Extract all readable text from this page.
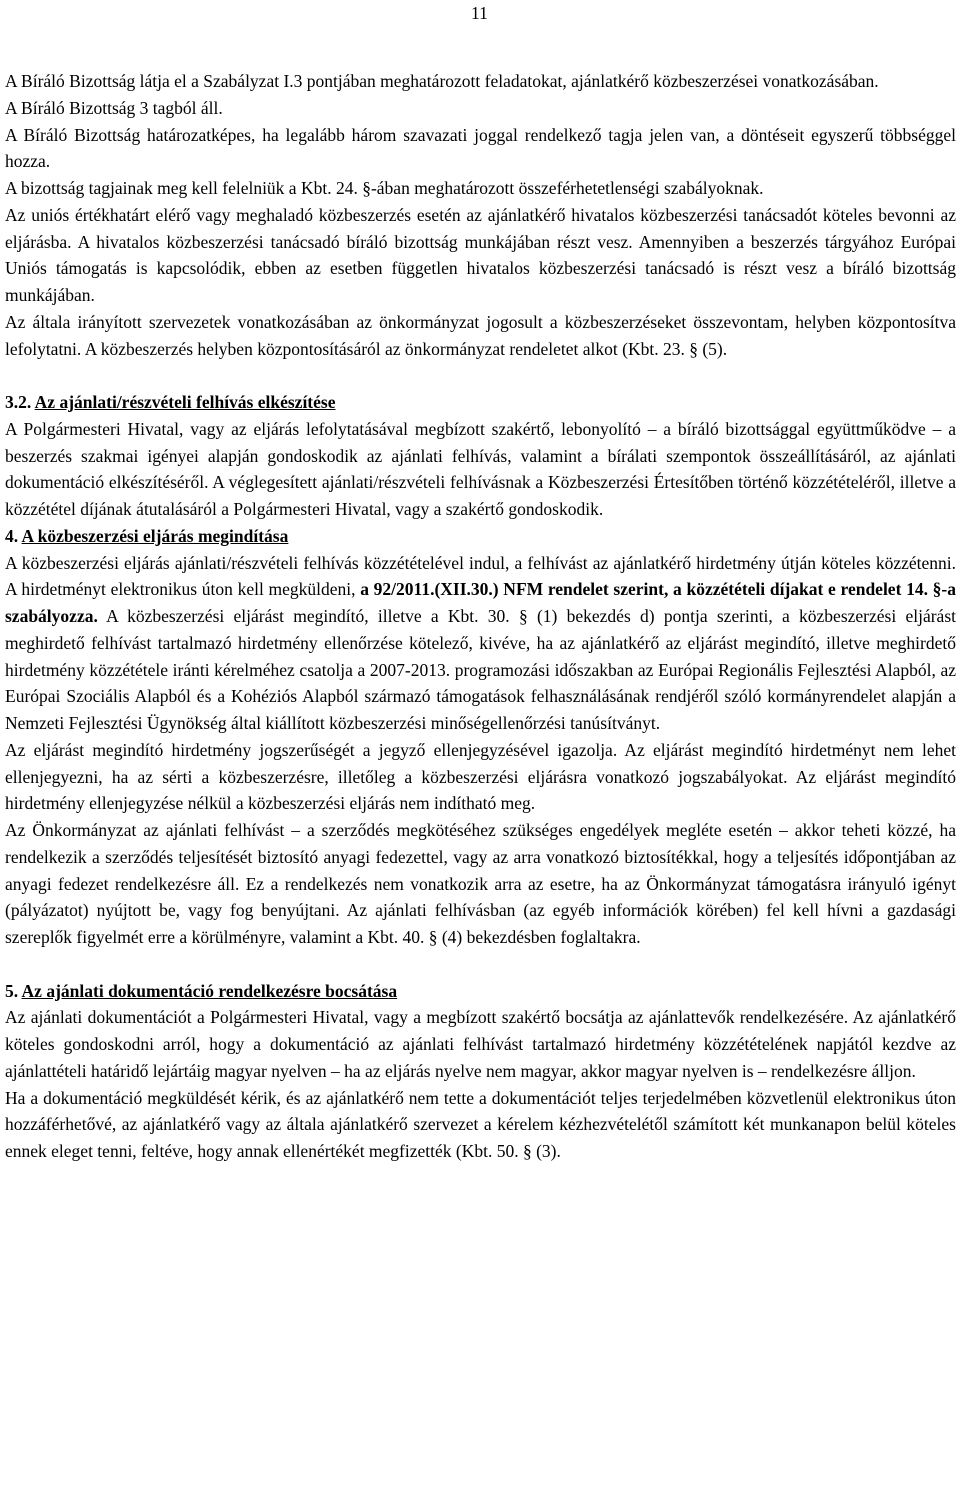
11

A Bíráló Bizottság látja el a Szabályzat I.3 pontjában meghatározott feladatokat, ajánlatkérő közbeszerzései vonatkozásában.

A Bíráló Bizottság 3 tagból áll.

A Bíráló Bizottság határozatképes, ha legalább három szavazati joggal rendelkező tagja jelen van, a döntéseit egyszerű többséggel hozza.

A bizottság tagjainak meg kell felelniük a Kbt. 24. §-ában meghatározott összeférhetetlenségi szabályoknak.

Az uniós értékhatárt elérő vagy meghaladó közbeszerzés esetén az ajánlatkérő hivatalos közbeszerzési tanácsadót köteles bevonni az eljárásba. A hivatalos közbeszerzési tanácsadó bíráló bizottság munkájában részt vesz. Amennyiben a beszerzés tárgyához Európai Uniós támogatás is kapcsolódik, ebben az esetben független hivatalos közbeszerzési tanácsadó is részt vesz a bíráló bizottság munkájában.

Az általa irányított szervezetek vonatkozásában az önkormányzat jogosult a közbeszerzéseket összevontam, helyben központosítva lefolytatni. A közbeszerzés helyben központosításáról az önkormányzat rendeletet alkot (Kbt. 23. § (5).

3.2. Az ajánlati/részvételi felhívás elkészítése

A Polgármesteri Hivatal, vagy az eljárás lefolytatásával megbízott szakértő, lebonyolító – a bíráló bizottsággal együttműködve – a beszerzés szakmai igényei alapján gondoskodik az ajánlati felhívás, valamint a bírálati szempontok összeállításáról, az ajánlati dokumentáció elkészítéséről. A véglegesített ajánlati/részvételi felhívásnak a Közbeszerzési Értesítőben történő közzétételéről, illetve a közzététel díjának átutalásáról a Polgármesteri Hivatal, vagy a szakértő gondoskodik.

4. A közbeszerzési eljárás megindítása

A közbeszerzési eljárás ajánlati/részvételi felhívás közzétételével indul, a felhívást az ajánlatkérő hirdetmény útján köteles közzétenni. A hirdetményt elektronikus úton kell megküldeni, a 92/2011.(XII.30.) NFM rendelet szerint, a közzétételi díjakat e rendelet 14. §-a szabályozza. A közbeszerzési eljárást megindító, illetve a Kbt. 30. § (1) bekezdés d) pontja szerinti, a közbeszerzési eljárást meghirdető felhívást tartalmazó hirdetmény ellenőrzése kötelező, kivéve, ha az ajánlatkérő az eljárást megindító, illetve meghirdető hirdetmény közzététele iránti kérelméhez csatolja a 2007-2013. programozási időszakban az Európai Regionális Fejlesztési Alapból, az Európai Szociális Alapból és a Kohéziós Alapból származó támogatások felhasználásának rendjéről szóló kormányrendelet alapján a Nemzeti Fejlesztési Ügynökség által kiállított közbeszerzési minőségellenőrzési tanúsítványt.

Az eljárást megindító hirdetmény jogszerűségét a jegyző ellenjegyzésével igazolja. Az eljárást megindító hirdetményt nem lehet ellenjegyezni, ha az sérti a közbeszerzésre, illetőleg a közbeszerzési eljárásra vonatkozó jogszabályokat. Az eljárást megindító hirdetmény ellenjegyzése nélkül a közbeszerzési eljárás nem indítható meg.

Az Önkormányzat az ajánlati felhívást – a szerződés megkötéséhez szükséges engedélyek megléte esetén – akkor teheti közzé, ha rendelkezik a szerződés teljesítését biztosító anyagi fedezettel, vagy az arra vonatkozó biztosítékkal, hogy a teljesítés időpontjában az anyagi fedezet rendelkezésre áll. Ez a rendelkezés nem vonatkozik arra az esetre, ha az Önkormányzat támogatásra irányuló igényt (pályázatot) nyújtott be, vagy fog benyújtani. Az ajánlati felhívásban (az egyéb információk körében) fel kell hívni a gazdasági szereplők figyelmét erre a körülményre, valamint a Kbt. 40. § (4) bekezdésben foglaltakra.

5. Az ajánlati dokumentáció rendelkezésre bocsátása

Az ajánlati dokumentációt a Polgármesteri Hivatal, vagy a megbízott szakértő bocsátja az ajánlattevők rendelkezésére. Az ajánlatkérő köteles gondoskodni arról, hogy a dokumentáció az ajánlati felhívást tartalmazó hirdetmény közzétételének napjától kezdve az ajánlattételi határidő lejártáig magyar nyelven – ha az eljárás nyelve nem magyar, akkor magyar nyelven is – rendelkezésre álljon.

Ha a dokumentáció megküldését kérik, és az ajánlatkérő nem tette a dokumentációt teljes terjedelmében közvetlenül elektronikus úton hozzáférhetővé, az ajánlatkérő vagy az általa ajánlatkérő szervezet a kérelem kézhezvételétől számított két munkanapon belül köteles ennek eleget tenni, feltéve, hogy annak ellenértékét megfizették (Kbt. 50. § (3).
